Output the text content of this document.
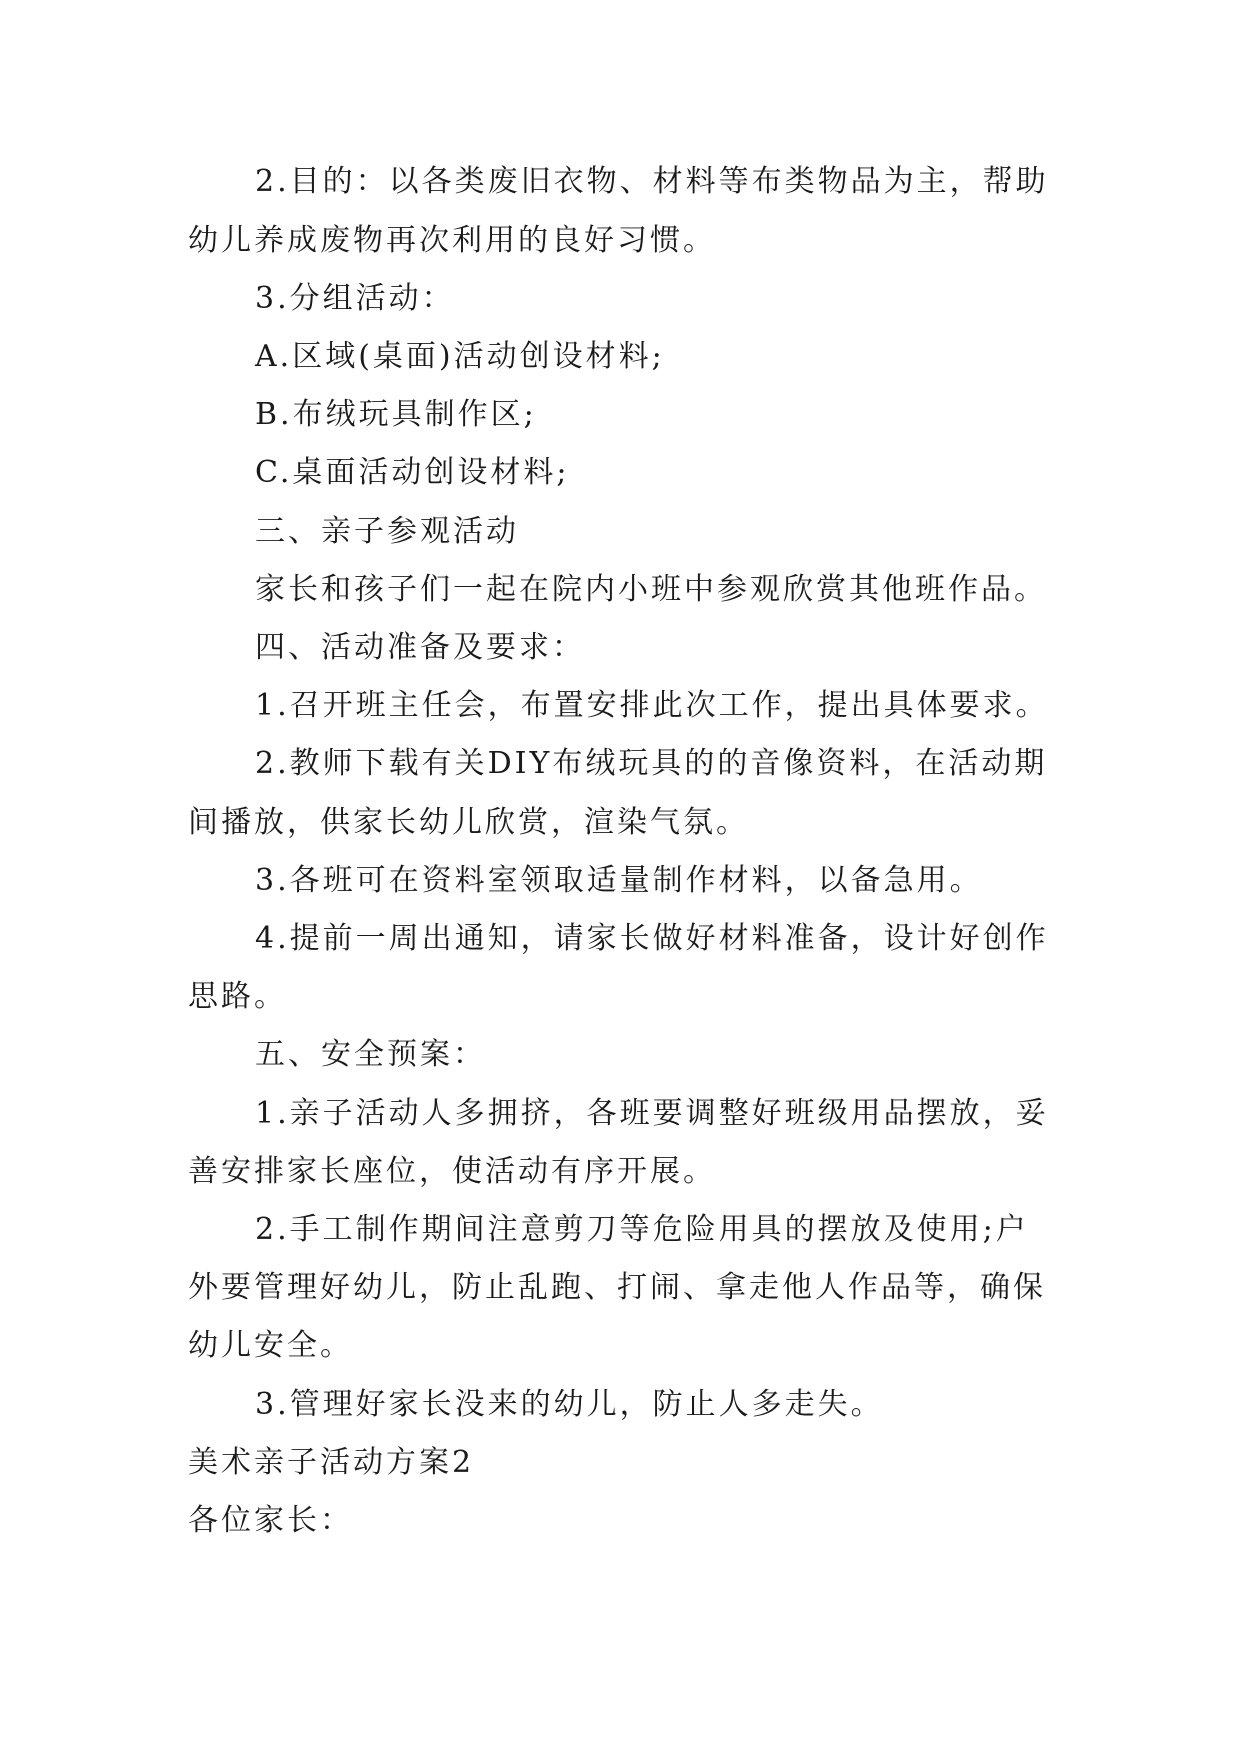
2.目的：以各类废旧衣物、材料等布类物品为主，帮助

幼儿养成废物再次利用的良好习惯。

3.分组活动：

A.区域(桌面)活动创设材料;

B.布绒玩具制作区;

C.桌面活动创设材料;

三、亲子参观活动

家长和孩子们一起在院内小班中参观欣赏其他班作品。

四、活动准备及要求：

1.召开班主任会，布置安排此次工作，提出具体要求。

2.教师下载有关DIY布绒玩具的的音像资料，在活动期

间播放，供家长幼儿欣赏，渲染气氛。

3.各班可在资料室领取适量制作材料，以备急用。

4.提前一周出通知，请家长做好材料准备，设计好创作

思路。

五、安全预案：

1.亲子活动人多拥挤，各班要调整好班级用品摆放，妥

善安排家长座位，使活动有序开展。

2.手工制作期间注意剪刀等危险用具的摆放及使用;户

外要管理好幼儿，防止乱跑、打闹、拿走他人作品等，确保

幼儿安全。

3.管理好家长没来的幼儿，防止人多走失。

美术亲子活动方案2

各位家长：
